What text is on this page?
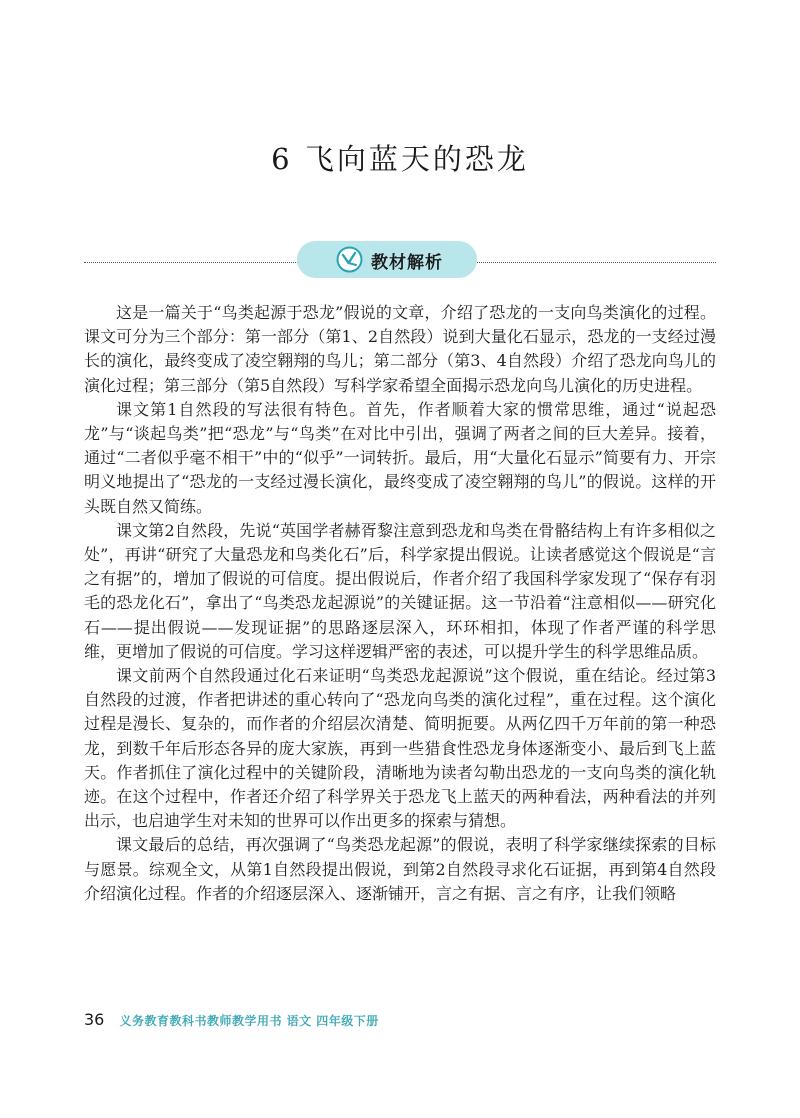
6 飞向蓝天的恐龙
教材解析

这是一篇关于“鸟类起源于恐龙”假说的文章，介绍了恐龙的一支向鸟类演化的过程。课文可分为三个部分：第一部分（第1、2自然段）说到大量化石显示，恐龙的一支经过漫长的演化，最终变成了凌空翱翔的鸟儿；第二部分（第3、4自然段）介绍了恐龙向鸟儿的演化过程；第三部分（第5自然段）写科学家希望全面揭示恐龙向鸟儿演化的历史进程。

课文第1自然段的写法很有特色。首先，作者顺着大家的惯常思维，通过“说起恐龙”与“谈起鸟类”把“恐龙”与“鸟类”在对比中引出，强调了两者之间的巨大差异。接着，通过“二者似乎毫不相干”中的“似乎”一词转折。最后，用“大量化石显示”简要有力、开宗明义地提出了“恐龙的一支经过漫长演化，最终变成了凌空翱翔的鸟儿”的假说。这样的开头既自然又简练。

课文第2自然段，先说“英国学者赫胥黎注意到恐龙和鸟类在骨骼结构上有许多相似之处”，再讲“研究了大量恐龙和鸟类化石”后，科学家提出假说。让读者感觉这个假说是“言之有据”的，增加了假说的可信度。提出假说后，作者介绍了我国科学家发现了“保存有羽毛的恐龙化石”，拿出了“鸟类恐龙起源说”的关键证据。这一节沿着“注意相似——研究化石——提出假说——发现证据”的思路逐层深入，环环相扣，体现了作者严谨的科学思维，更增加了假说的可信度。学习这样逻辑严密的表述，可以提升学生的科学思维品质。

课文前两个自然段通过化石来证明“鸟类恐龙起源说”这个假说，重在结论。经过第3自然段的过渡，作者把讲述的重心转向了“恐龙向鸟类的演化过程”，重在过程。这个演化过程是漫长、复杂的，而作者的介绍层次清楚、简明扼要。从两亿四千万年前的第一种恐龙，到数千年后形态各异的庞大家族，再到一些猎食性恐龙身体逐渐变小、最后到飞上蓝天。作者抓住了演化过程中的关键阶段，清晰地为读者勾勒出恐龙的一支向鸟类的演化轨迹。在这个过程中，作者还介绍了科学界关于恐龙飞上蓝天的两种看法，两种看法的并列出示，也启迪学生对未知的世界可以作出更多的探索与猜想。

课文最后的总结，再次强调了“鸟类恐龙起源”的假说，表明了科学家继续探索的目标与愿景。综观全文，从第1自然段提出假说，到第2自然段寻求化石证据，再到第4自然段介绍演化过程。作者的介绍逐层深入、逐渐铺开，言之有据、言之有序，让我们领略

36 义务教育教科书教师教学用书 语文 四年级下册
